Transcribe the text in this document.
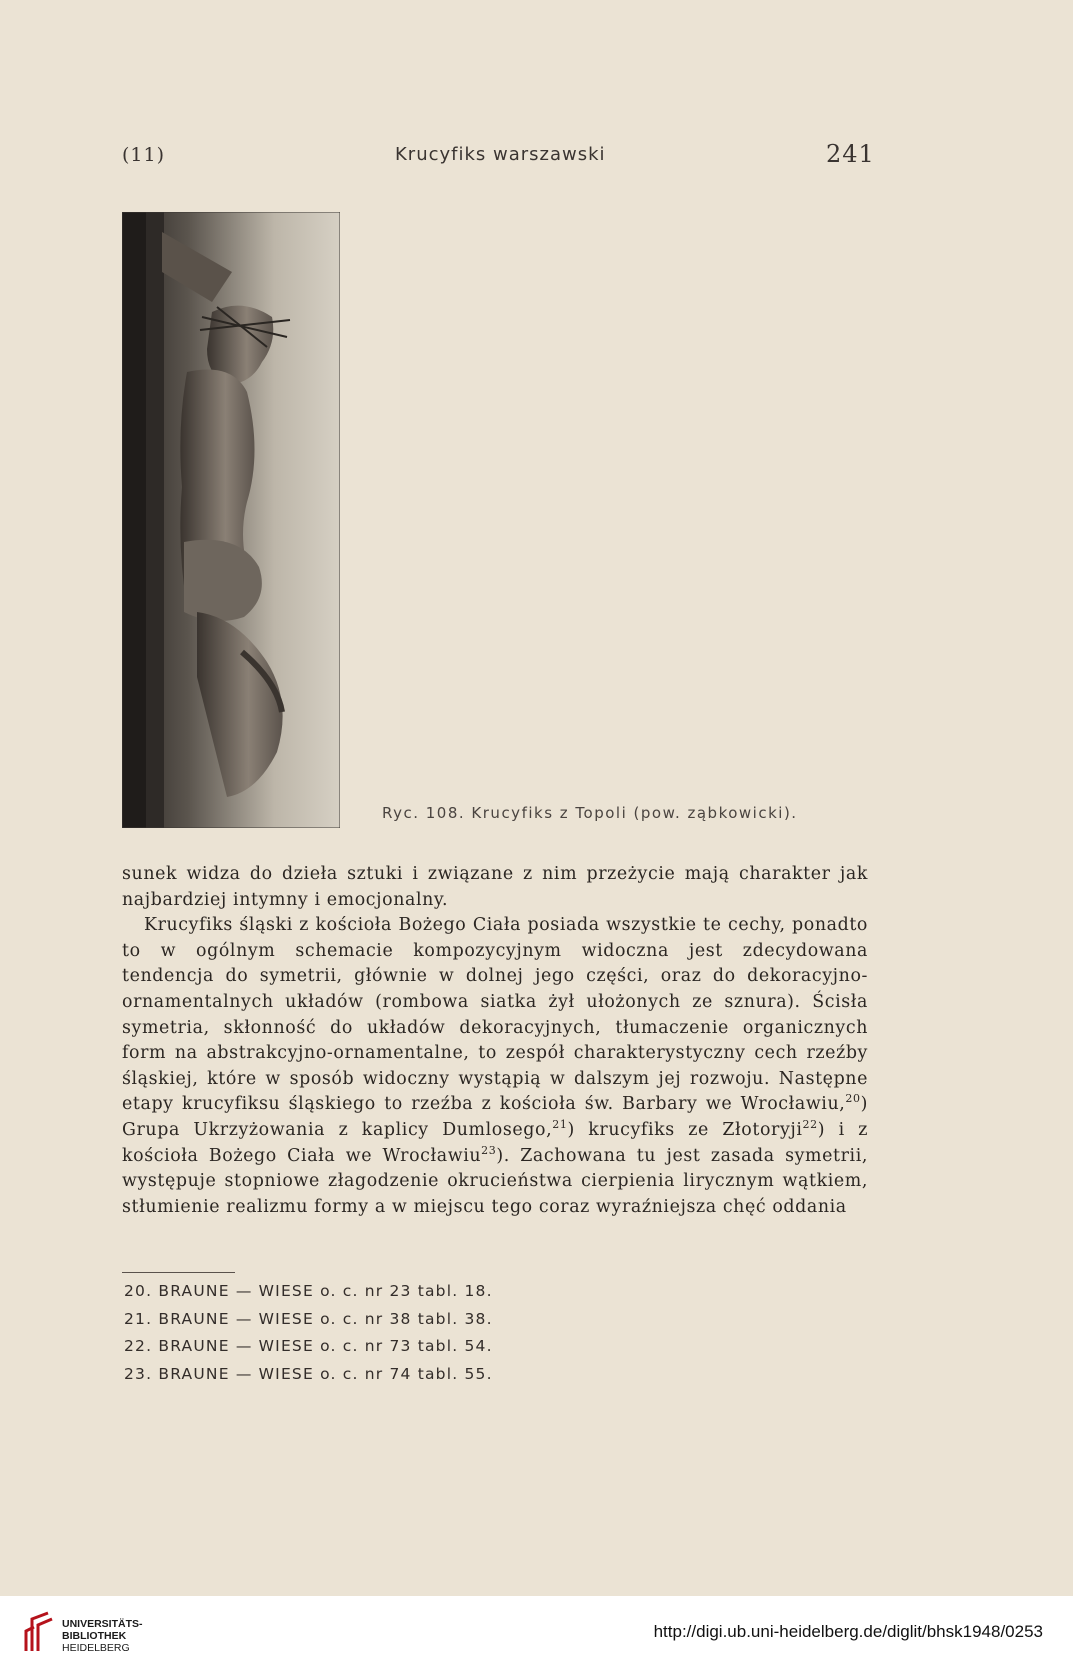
(11)	Krucyfiks warszawski	241
Ryc. 108. Krucyfiks z Topoli (pow. ząbkowicki).

sunek widza do dzieła sztuki i związane z nim przeżycie mają charakter jak najbardziej intymny i emocjonalny.

Krucyfiks śląski z kościoła Bożego Ciała posiada wszystkie te cechy, ponadto to w ogólnym schemacie kompozycyjnym widoczna jest zdecydowana tendencja do symetrii, głównie w dolnej jego części, oraz do dekoracyjno-ornamentalnych układów (rombowa siatka żył ułożonych ze sznura). Ścisła symetria, skłonność do układów dekoracyjnych, tłumaczenie organicznych form na abstrakcyjno-ornamentalne, to zespół charakterystyczny cech rzeźby śląskiej, które w sposób widoczny wystąpią w dalszym jej rozwoju. Następne etapy krucyfiksu śląskiego to rzeźba z kościoła św. Barbary we Wrocławiu,$^{20}$) Grupa Ukrzyżowania z kaplicy Dumlosego,$^{21}$) krucyfiks ze Złotoryji$^{22}$) i z kościoła Bożego Ciała we Wrocławiu$^{23}$). Zachowana tu jest zasada symetrii, występuje stopniowe złagodzenie okrucieństwa cierpienia lirycznym wątkiem, stłumienie realizmu formy a w miejscu tego coraz wyraźniejsza chęć oddania

20. BRAUNE — WIESE o. c. nr 23 tabl. 18.
21. BRAUNE — WIESE o. c. nr 38 tabl. 38.
22. BRAUNE — WIESE o. c. nr 73 tabl. 54.
23. BRAUNE — WIESE o. c. nr 74 tabl. 55.
UNIVERSITÄTS-
BIBLIOTHEK
HEIDELBERG
http://digi.ub.uni-heidelberg.de/diglit/bhsk1948/0253
